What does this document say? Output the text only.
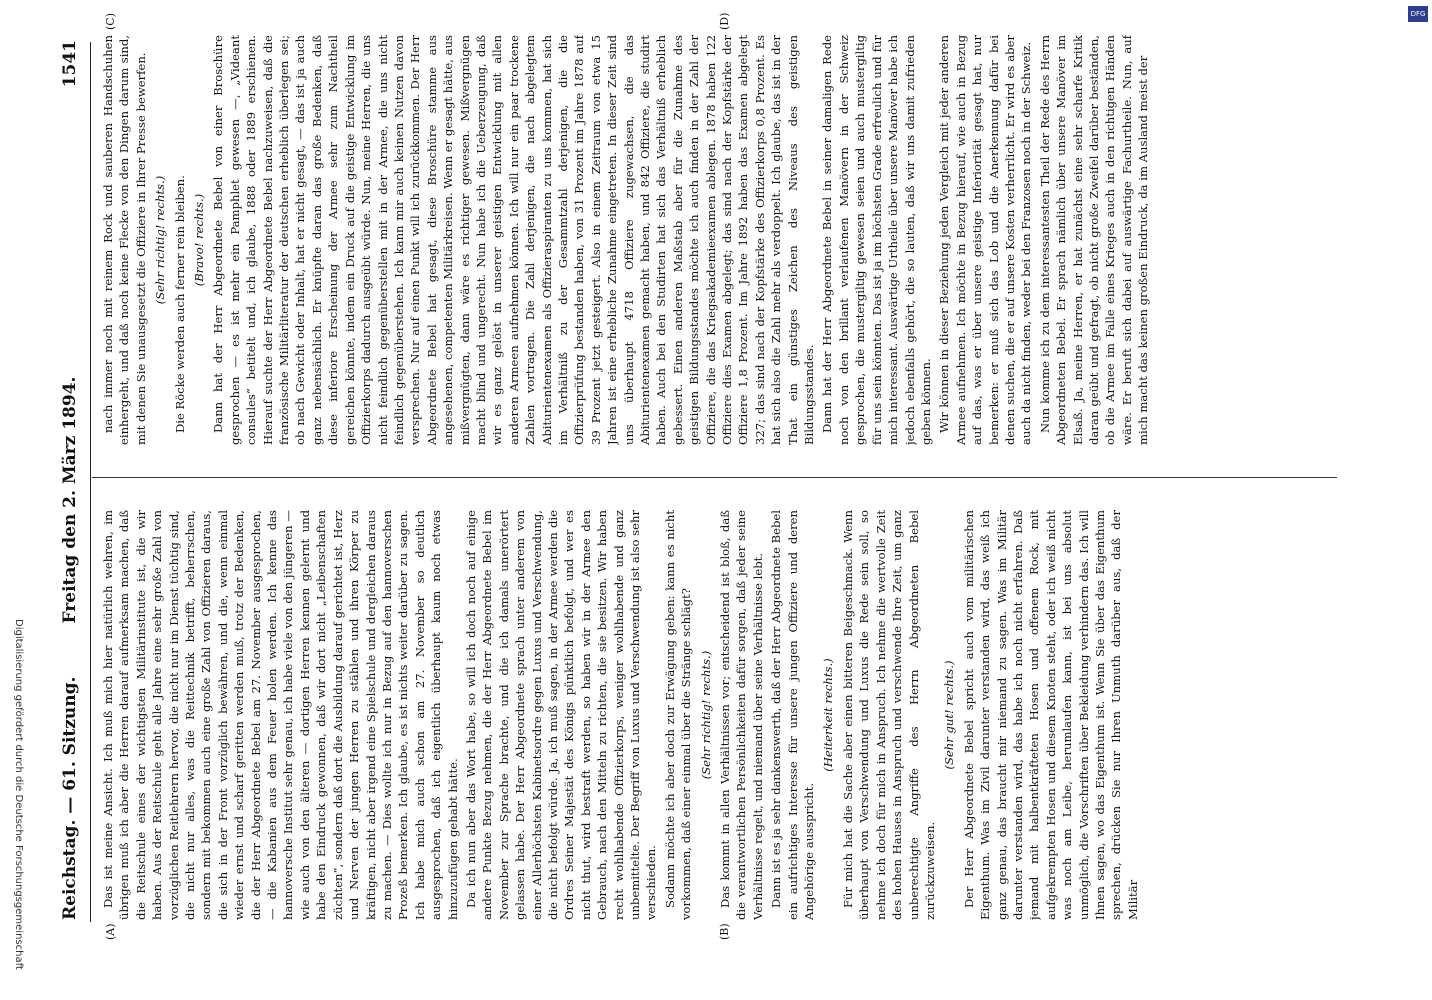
Reichstag. — 61. Sitzung.
Freitag den 2. März 1894.
1541
(A)	(B)
(C)	(D)

Das ist meine Ansicht. Ich muß mich hier natürlich wehren, im übrigen muß ich aber die Herren darauf aufmerksam machen, daß die Reitschule eines der wichtigsten Militärinstitute ist, die wir haben. Aus der Reitschule geht alle Jahre eine sehr große Zahl von vorzüglichen Reitlehrern hervor, die nicht nur im Dienst tüchtig sind, die nicht nur alles, was die Reittechnik betrifft, beherrschen, sondern mit bekommen auch eine große Zahl von Offizieren daraus, die sich in der Front vorzüglich bewähren, und die, wenn einmal wieder ernst und scharf geritten werden muß, trotz der Bedenken, die der Herr Abgeordnete Bebel am 27. November ausgesprochen, — die Kabanien aus dem Feuer holen werden. Ich kenne das hannoversche Institut sehr genau, ich habe viele von den jüngeren — wie auch von den älteren — dortigen Herren kennen gelernt und habe den Eindruck gewonnen, daß wir dort nicht „Leibenschaften züchten“, sondern daß dort die Ausbildung darauf gerichtet ist, Herz und Nerven der jungen Herren zu stählen und ihren Körper zu kräftigen, nicht aber irgend eine Spielschule und dergleichen daraus zu machen. — Dies wollte ich nur in Bezug auf den hannoverschen Prozeß bemerken. Ich glaube, es ist nichts weiter darüber zu sagen. Ich habe mich auch schon am 27. November so deutlich ausgesprochen, daß ich eigentlich überhaupt kaum noch etwas hinzuzufügen gehabt hätte. Da ich nun aber das Wort habe, so will ich doch noch auf einige andere Punkte Bezug nehmen, die der Herr Abgeordnete Bebel im November zur Sprache brachte, und die ich damals unerörtert gelassen habe. Der Herr Abgeordnete sprach unter anderem von einer Allerhöchsten Kabinetsordre gegen Luxus und Verschwendung, die nicht befolgt würde. Ja, ich muß sagen, in der Armee werden die Ordres Seiner Majestät des Königs pünktlich befolgt, und wer es nicht thut, wird bestraft werden, so haben wir in der Armee den Gebrauch, nach den Mitteln zu richten, die sie besitzen. Wir haben recht wohlhabende Offizierkorps, weniger wohlhabende und ganz unbemittelte. Der Begriff von Luxus und Verschwendung ist also sehr verschieden. Sodann möchte ich aber doch zur Erwägung geben: kann es nicht vorkommen, daß einer einmal über die Stränge schlägt? (Sehr richtig! rechts.) Das kommt in allen Verhältnissen vor; entscheidend ist bloß, daß die verantwortlichen Persönlichkeiten dafür sorgen, daß jeder seine Verhältnisse regelt, und niemand über seine Verhältnisse lebt. Dann ist es ja sehr dankenswerth, daß der Herr Abgeordnete Bebel ein aufrichtiges Interesse für unsere jungen Offiziere und deren Angehörige ausspricht.

(Heiterkeit rechts.) Für mich hat die Sache aber einen bitteren Beigeschmack. Wenn überhaupt von Verschwendung und Luxus die Rede sein soll, so nehme ich doch für mich in Anspruch. Ich nehme die wertvolle Zeit des hohen Hauses in Anspruch und verschwende Ihre Zeit, um ganz unberechtigte Angriffe des Herrn Abgeordneten Bebel zurückzuweisen.

(Sehr gut! rechts.) Der Herr Abgeordnete Bebel spricht auch vom militärischen Eigenthum. Was im Zivil darunter verstanden wird, das weiß ich ganz genau, das braucht mir niemand zu sagen. Was im Militär darunter verstanden wird, das habe ich noch nicht erfahren. Daß jemand mit halbentkräfteten Hosen und offenem Rock, mit aufgekrempten Hosen und diesem Knoten steht, oder ich weiß nicht was noch am Leibe, herumlaufen kann, ist bei uns absolut unmöglich, die Vorschriften über Bekleidung verhindern das. Ich will Ihnen sagen, wo das Eigenthum ist. Wenn Sie über das Eigenthum sprechen, drücken Sie nur Ihren Unmuth darüber aus, daß der Militär

nach immer noch mit reinem Rock und sauberen Handschuhen einhergeht, und daß noch keine Flecke von den Dingen darum sind, mit denen Sie unausgesetzt die Offiziere in Ihrer Presse bewerfen. (Sehr richtig! rechts.) Die Röcke werden auch ferner rein bleiben. (Bravo! rechts.) Dann hat der Herr Abgeordnete Bebel von einer Broschüre gesprochen — es ist mehr ein Pamphlet gewesen —, „Videant consules“ betitelt und, ich glaube, 1888 oder 1889 erschienen. Hierauf suchte der Herr Abgeordnete Bebel nachzuweisen, daß die französische Militärliteratur der deutschen erheblich überlegen sei; ob nach Gewicht oder Inhalt, hat er nicht gesagt, — das ist ja auch ganz nebensächlich. Er knüpfte daran das große Bedenken, daß diese inferiore Erscheinung der Armee sehr zum Nachtheil gereichen könnte, indem ein Druck auf die geistige Entwicklung im Offizierkorps dadurch ausgeübt würde. Nun, meine Herren, die uns nicht feindlich gegenüberstellen mit in der Armee, die uns nicht feindlich gegenüberstehen. Ich kann mir auch keinen Nutzen davon versprechen. Nur auf einen Punkt will ich zurückkommen. Der Herr Abgeordnete Bebel hat gesagt, diese Broschüre stamme aus angesehenen, competenten Militärkreisen. Wenn er gesagt hätte, aus mißvergnügten, dann wäre es richtiger gewesen. Mißvergnügen macht blind und ungerecht. Nun habe ich die Ueberzeugung, daß wir es ganz gelöst in unserer geistigen Entwicklung mit allen anderen Armeen aufnehmen können. Ich will nur ein paar trockene Zahlen vortragen. Die Zahl derjenigen, die nach abgelegtem Abiturientenexamen als Offizieraspiranten zu uns kommen, hat sich im Verhältniß zu der Gesammtzahl derjenigen, die die Offizierprüfung bestanden haben, von 31 Prozent im Jahre 1878 auf 39 Prozent jetzt gesteigert. Also in einem Zeitraum von etwa 15 Jahren ist eine erhebliche Zunahme eingetreten. In dieser Zeit sind uns überhaupt 4718 Offiziere zugewachsen, die das Abiturientenexamen gemacht haben, und 842 Offiziere, die studirt haben. Auch bei den Studirten hat sich das Verhältniß erheblich gebessert. Einen anderen Maßstab aber für die Zunahme des geistigen Bildungsstandes möchte ich auch finden in der Zahl der Offiziere, die das Kriegsakademieexamen ablegen. 1878 haben 122 Offiziere dies Examen abgelegt; das sind nach der Kopfstärke der Offiziere 1,8 Prozent. Im Jahre 1892 haben das Examen abgelegt 327; das sind nach der Kopfstärke des Offizierkorps 0,8 Prozent. Es hat sich also die Zahl mehr als verdoppelt. Ich glaube, das ist in der That ein günstiges Zeichen des Niveaus des geistigen Bildungsstandes. Dann hat der Herr Abgeordnete Bebel in seiner damaligen Rede noch von den brillant verlaufenen Manövern in der Schweiz gesprochen, die mustergiltig gewesen seien und auch mustergiltig für uns sein könnten. Das ist ja im höchsten Grade erfreulich und für mich interessant. Auswärtige Urtheile über unsere Manöver habe ich jedoch ebenfalls gehört, die so lauten, daß wir uns damit zufrieden geben können. Wir können in dieser Beziehung jeden Vergleich mit jeder anderen Armee aufnehmen. Ich möchte in Bezug hierauf, wie auch in Bezug auf das, was er über unsere geistige Inferiorität gesagt hat, nur bemerken: er muß sich das Lob und die Anerkennung dafür bei denen suchen, die er auf unsere Kosten verherrlicht. Er wird es aber auch da nicht finden, weder bei den Franzosen noch in der Schweiz. Nun komme ich zu dem interessantesten Theil der Rede des Herrn Abgeordneten Bebel. Er sprach nämlich über unsere Manöver im Elsaß. Ja, meine Herren, er hat zunächst eine sehr scharfe Kritik daran geübt und gefragt, ob nicht große Zweifel darüber beständen, ob die Armee im Falle eines Krieges auch in den richtigen Händen wäre. Er beruft sich dabei auf auswärtige Fachurtheile. Nun, auf mich macht das keinen großen Eindruck, da im Ausland meist der

Digitalisierung gefördert durch die Deutsche Forschungsgemeinschaft
DFG
